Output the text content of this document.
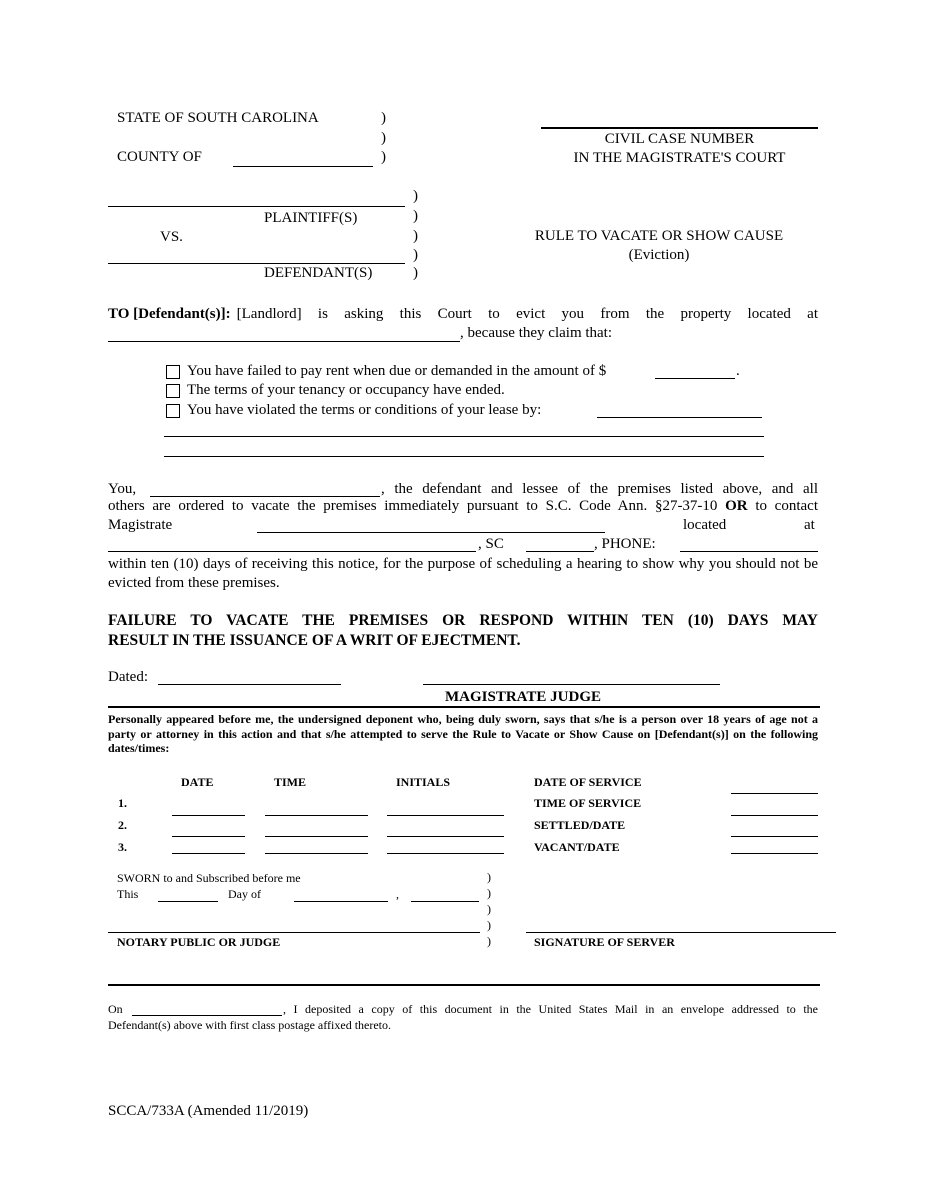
STATE OF SOUTH CAROLINA	)
)
COUNTY OF	)
CIVIL CASE NUMBER
IN THE MAGISTRATE'S COURT
)
PLAINTIFF(S)	)
VS.	)
)
DEFENDANT(S)	)
RULE TO VACATE OR SHOW CAUSE
(Eviction)
TO [Defendant(s)]: [Landlord] is asking this Court to evict you from the property located at
, because they claim that:
You have failed to pay rent when due or demanded in the amount of $	.
The terms of your tenancy or occupancy have ended.
You have violated the terms or conditions of your lease by:
You,	, the defendant and lessee of the premises listed above, and all
others are ordered to vacate the premises immediately pursuant to S.C. Code Ann. §27-37-10 OR to contact
Magistrate	located	at
, SC	, PHONE:
within ten (10) days of receiving this notice, for the purpose of scheduling a hearing to show why you should not be evicted from these premises.
FAILURE TO VACATE THE PREMISES OR RESPOND WITHIN TEN (10) DAYS MAY
RESULT IN THE ISSUANCE OF A WRIT OF EJECTMENT.
Dated:
MAGISTRATE JUDGE
Personally appeared before me, the undersigned deponent who, being duly sworn, says that s/he is a person over 18 years of age not a party or attorney in this action and that s/he attempted to serve the Rule to Vacate or Show Cause on [Defendant(s)] on the following dates/times:
DATE	TIME	INITIALS
1.
2.
3.
DATE OF SERVICE
TIME OF SERVICE
SETTLED/DATE
VACANT/DATE
SWORN to and Subscribed before me
This	Day of	,
)
)
)
)
)
NOTARY PUBLIC OR JUDGE	SIGNATURE OF SERVER
On	, I deposited a copy of this document in the United States Mail in an envelope addressed to the
Defendant(s) above with first class postage affixed thereto.
SCCA/733A (Amended 11/2019)
